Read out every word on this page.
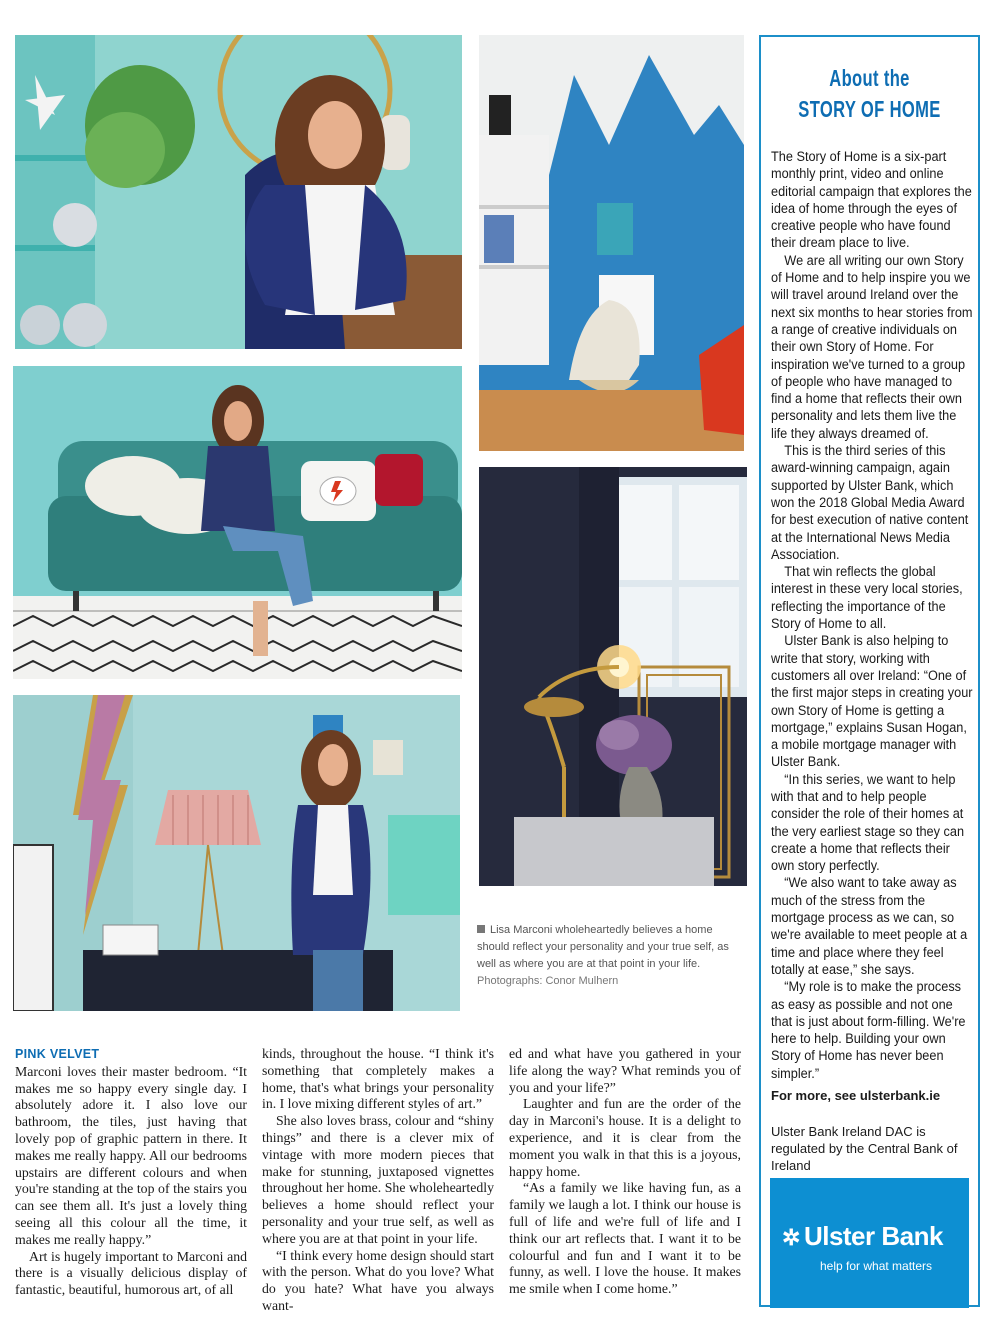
Lisa Marconi wholeheartedly believes a home should reflect your personality and your true self, as well as where you are at that point in your life.
Photographs: Conor Mulhern
PINK VELVET

Marconi loves their master bedroom. “It makes me so happy every single day. I absolutely adore it. I also love our bathroom, the tiles, just having that lovely pop of graphic pattern in there. It makes me really happy. All our bedrooms upstairs are different colours and when you're standing at the top of the stairs you can see them all. It's just a lovely thing seeing all this colour all the time, it makes me really happy.”

Art is hugely important to Marconi and there is a visually delicious display of fantastic, beautiful, humorous art, of all

kinds, throughout the house. “I think it's something that completely makes a home, that's what brings your personality in. I love mixing different styles of art.”

She also loves brass, colour and “shiny things” and there is a clever mix of vintage with more modern pieces that make for stunning, juxtaposed vignettes throughout her home. She wholeheartedly believes a home should reflect your personality and your true self, as well as where you are at that point in your life.

“I think every home design should start with the person. What do you love? What do you hate? What have you always want-

ed and what have you gathered in your life along the way? What reminds you of you and your life?”

Laughter and fun are the order of the day in Marconi's house. It is a delight to experience, and it is clear from the moment you walk in that this is a joyous, happy home.

“As a family we like having fun, as a family we laugh a lot. I think our house is full of life and we're full of life and I think our art reflects that. I want it to be colourful and fun and I want it to be funny, as well. I love the house. It makes me smile when I come home.”

About the
STORY OF HOME

The Story of Home is a six-part monthly print, video and online editorial campaign that explores the idea of home through the eyes of creative people who have found their dream place to live.

We are all writing our own Story of Home and to help inspire you we will travel around Ireland over the next six months to hear stories from a range of creative individuals on their own Story of Home. For inspiration we've turned to a group of people who have managed to find a home that reflects their own personality and lets them live the life they always dreamed of.

This is the third series of this award-winning campaign, again supported by Ulster Bank, which won the 2018 Global Media Award for best execution of native content at the International News Media Association.

That win reflects the global interest in these very local stories, reflecting the importance of the Story of Home to all.

Ulster Bank is also helping to write that story, working with customers all over Ireland: “One of the first major steps in creating your own Story of Home is getting a mortgage,” explains Susan Hogan, a mobile mortgage manager with Ulster Bank.

“In this series, we want to help with that and to help people consider the role of their homes at the very earliest stage so they can create a home that reflects their own story perfectly.

“We also want to take away as much of the stress from the mortgage process as we can, so we're available to meet people at a time and place where they feel totally at ease,” she says.

“My role is to make the process as easy as possible and not one that is just about form-filling. We're here to help. Building your own Story of Home has never been simpler.”

For more, see ulsterbank.ie
Ulster Bank Ireland DAC is regulated by the Central Bank of Ireland
✲ Ulster Bank
help for what matters
